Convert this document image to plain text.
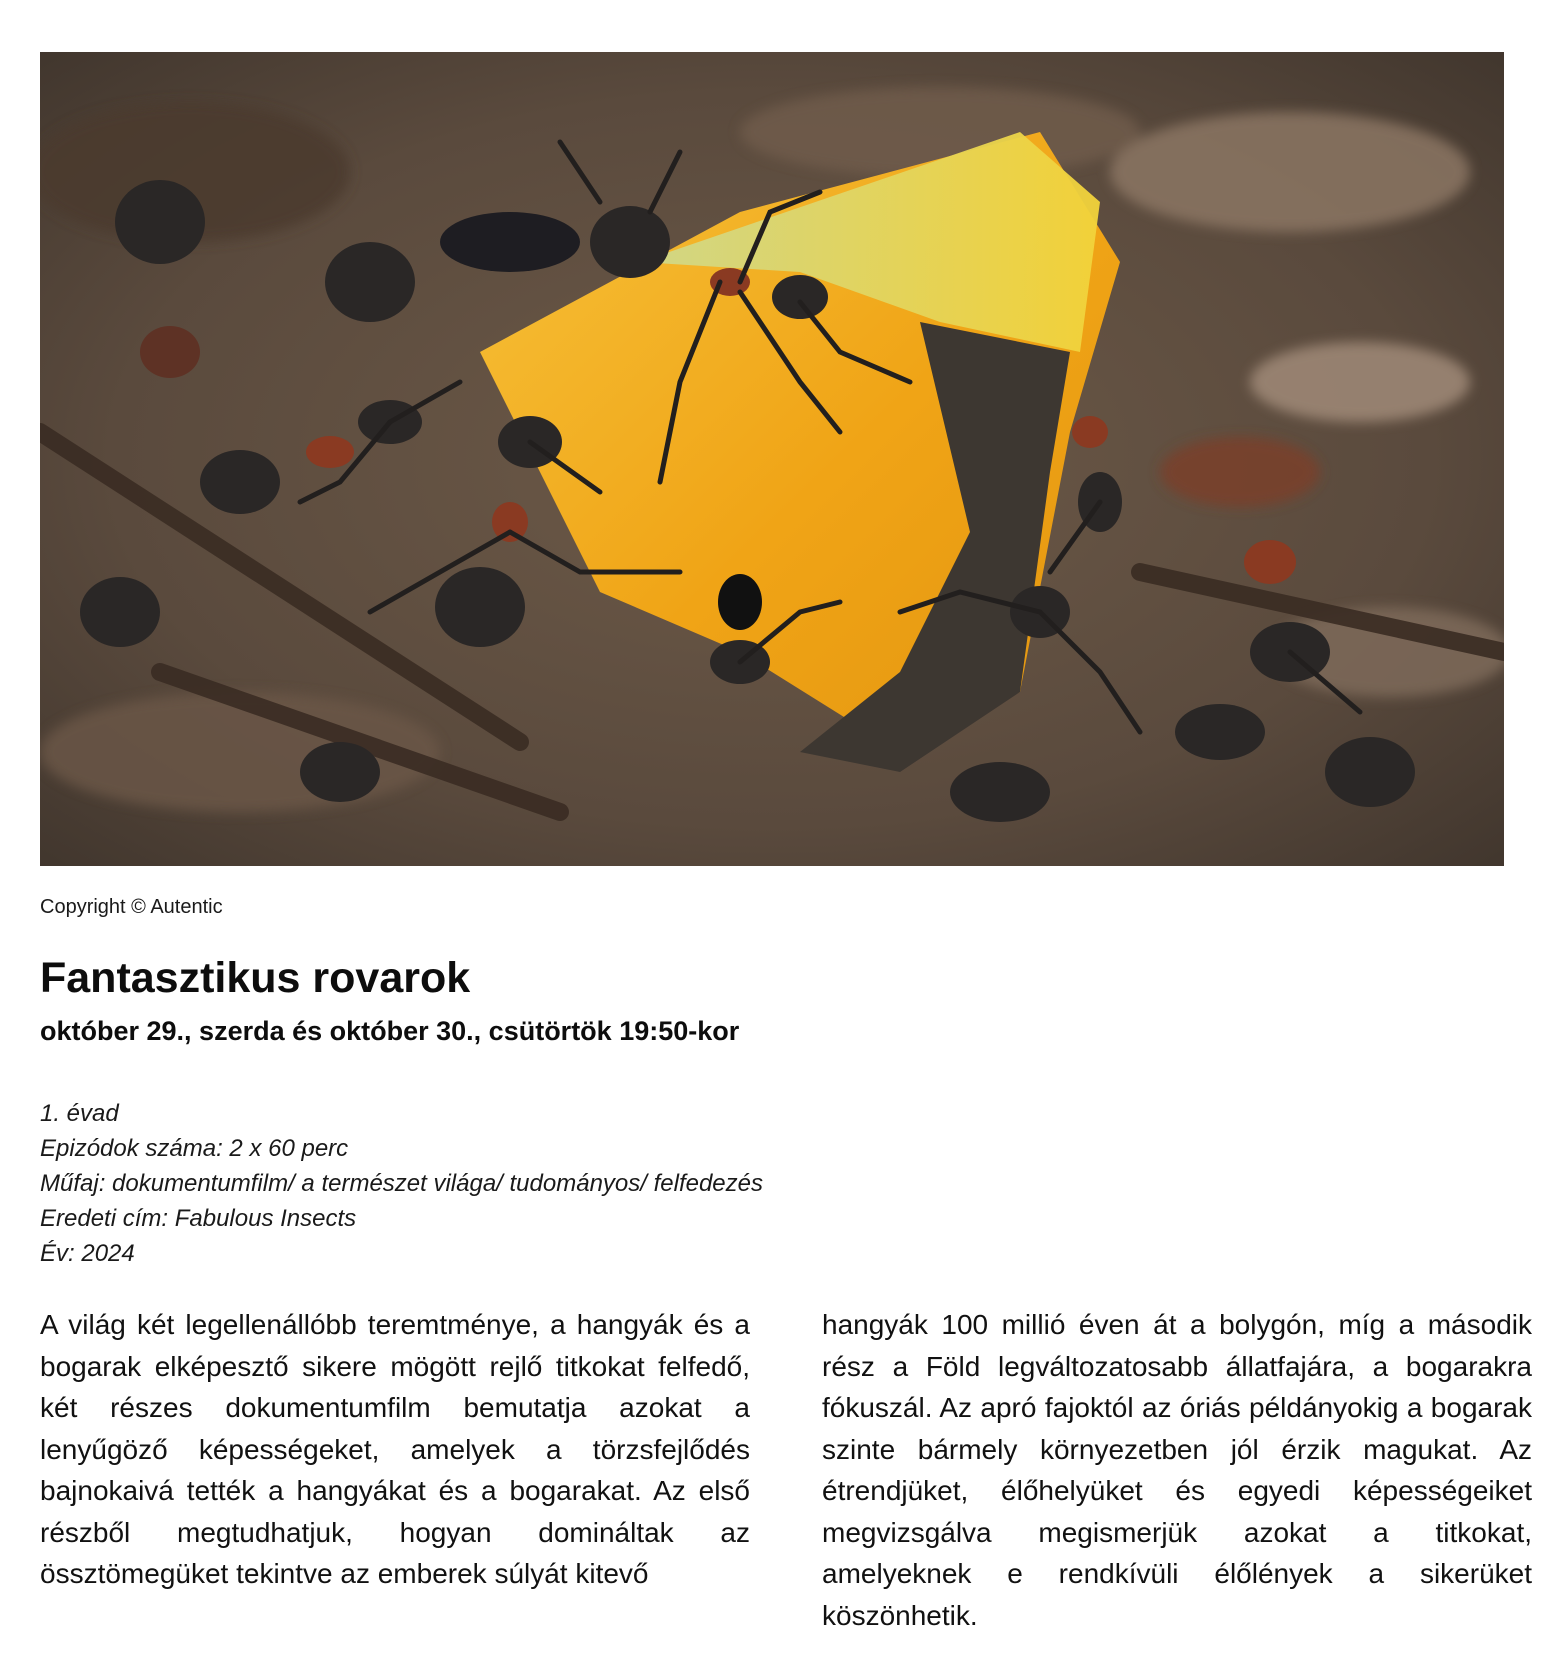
Copyright © Autentic
Fantasztikus rovarok
október 29., szerda és október 30., csütörtök 19:50-kor
1. évad
Epizódok száma: 2 x 60 perc
Műfaj: dokumentumfilm/ a természet világa/ tudományos/ felfedezés
Eredeti cím: Fabulous Insects
Év: 2024
A világ két legellenállóbb teremtménye, a hangyák és a bogarak elképesztő sikere mögött rejlő titkokat felfedő, két részes dokumentumfilm bemutatja azokat a lenyűgöző képességeket, amelyek a törzsfejlődés bajnokaivá tették a hangyákat és a bogarakat. Az első részből megtudhatjuk, hogyan domináltak az össztömegüket tekintve az emberek súlyát kitevő
hangyák 100 millió éven át a bolygón, míg a második rész a Föld legváltozatosabb állatfajára, a bogarakra fókuszál. Az apró fajoktól az óriás példányokig a bogarak szinte bármely környezetben jól érzik magukat. Az étrendjüket, élőhelyüket és egyedi képességeiket megvizsgálva megismerjük azokat a titkokat, amelyeknek e rendkívüli élőlények a sikerüket köszönhetik.
